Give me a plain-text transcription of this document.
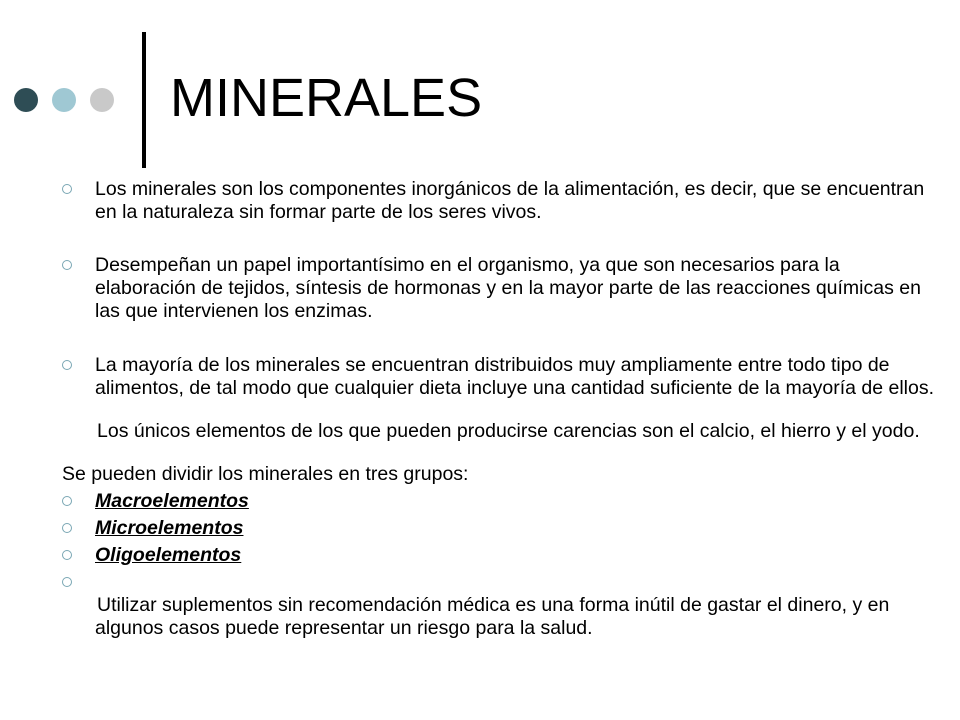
MINERALES
Los minerales son los componentes inorgánicos de la alimentación, es decir, que se encuentran en la naturaleza sin formar parte de los seres vivos.
Desempeñan un papel importantísimo en el organismo, ya que son necesarios para la elaboración de tejidos, síntesis de hormonas y en la mayor parte de las reacciones químicas en las que intervienen los enzimas.
La mayoría de los minerales se encuentran distribuidos muy ampliamente entre todo tipo de alimentos, de tal modo que cualquier dieta incluye una cantidad suficiente de la mayoría de ellos.
Los únicos elementos de los que pueden producirse carencias son el calcio, el hierro y el yodo.
Se pueden dividir los minerales en tres grupos:
Macroelementos
Microelementos
Oligoelementos
Utilizar suplementos sin recomendación médica es una forma inútil de gastar el dinero, y en algunos casos puede representar un riesgo para la salud.
